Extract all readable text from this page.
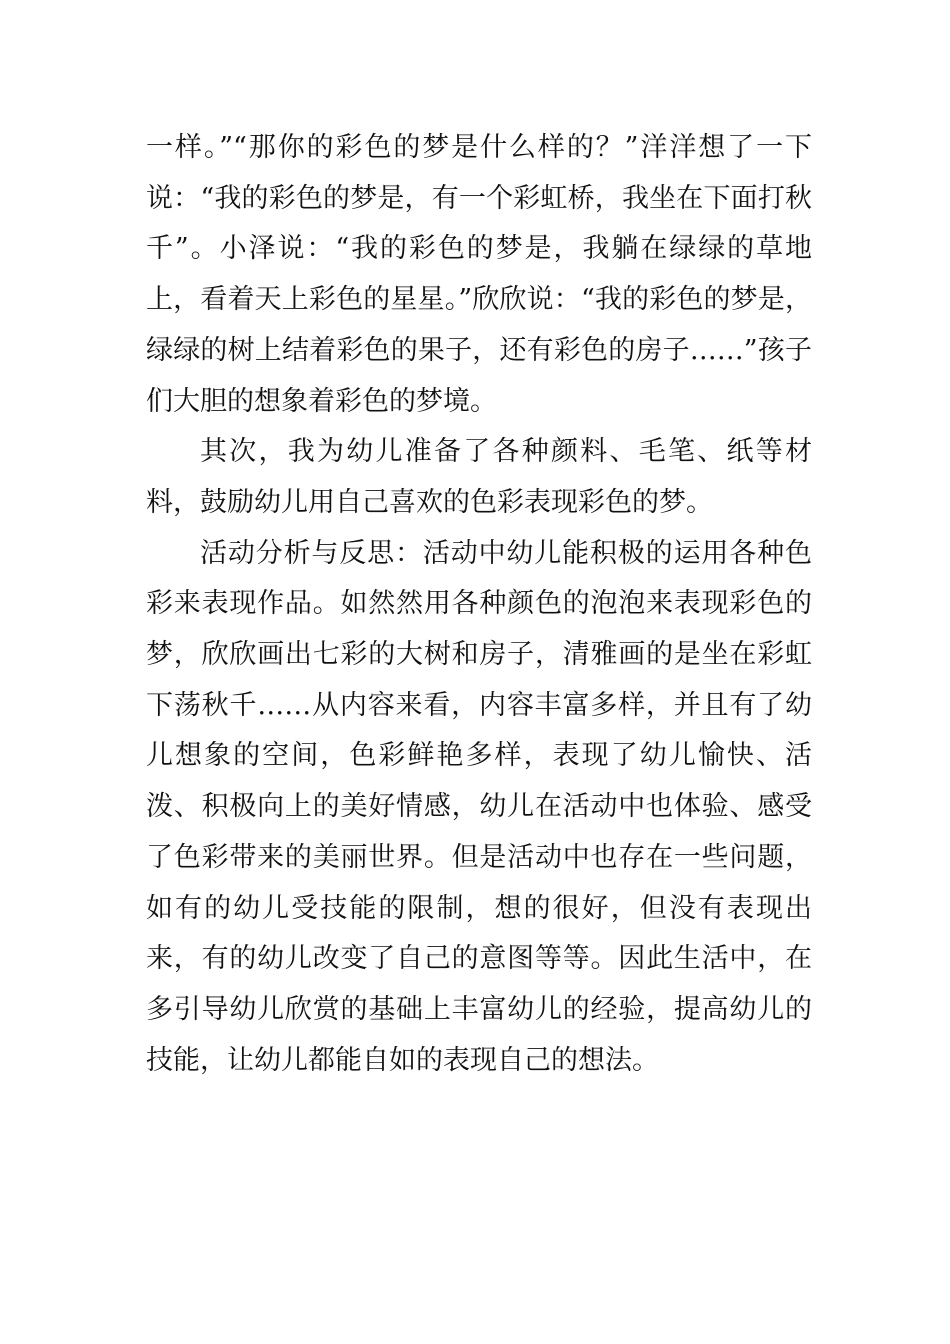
一样。”“那你的彩色的梦是什么样的？”洋洋想了一下说：“我的彩色的梦是，有一个彩虹桥，我坐在下面打秋千”。小泽说：“我的彩色的梦是，我躺在绿绿的草地上，看着天上彩色的星星。”欣欣说：“我的彩色的梦是，绿绿的树上结着彩色的果子，还有彩色的房子……”孩子们大胆的想象着彩色的梦境。

其次，我为幼儿准备了各种颜料、毛笔、纸等材料，鼓励幼儿用自己喜欢的色彩表现彩色的梦。

活动分析与反思：活动中幼儿能积极的运用各种色彩来表现作品。如然然用各种颜色的泡泡来表现彩色的梦，欣欣画出七彩的大树和房子，清雅画的是坐在彩虹下荡秋千……从内容来看，内容丰富多样，并且有了幼儿想象的空间，色彩鲜艳多样，表现了幼儿愉快、活泼、积极向上的美好情感，幼儿在活动中也体验、感受了色彩带来的美丽世界。但是活动中也存在一些问题，如有的幼儿受技能的限制，想的很好，但没有表现出来，有的幼儿改变了自己的意图等等。因此生活中，在多引导幼儿欣赏的基础上丰富幼儿的经验，提高幼儿的技能，让幼儿都能自如的表现自己的想法。
